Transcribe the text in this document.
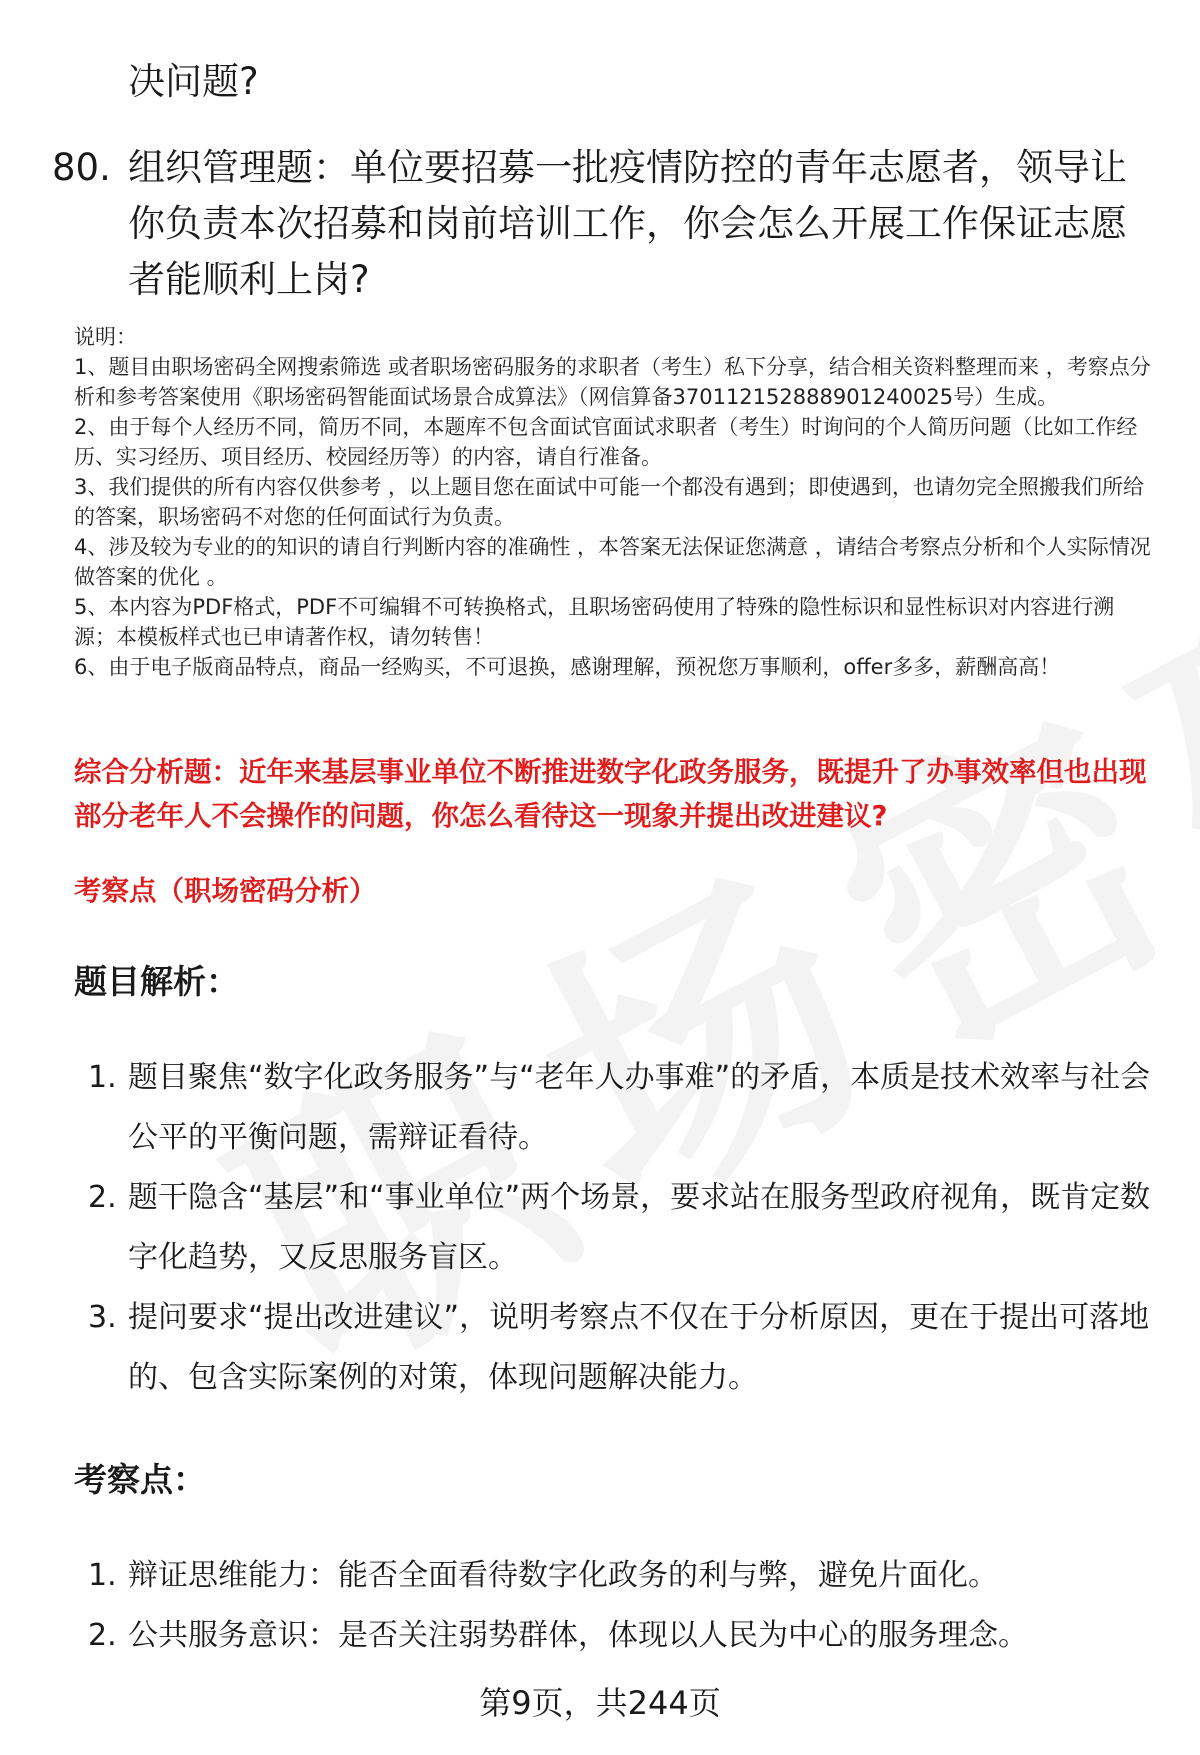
决问题?
80. 组织管理题：单位要招募一批疫情防控的青年志愿者，领导让你负责本次招募和岗前培训工作，你会怎么开展工作保证志愿者能顺利上岗?

说明：

1、题目由职场密码全网搜索筛选 或者职场密码服务的求职者（考生）私下分享，结合相关资料整理而来 ，考察点分析和参考答案使用《职场密码智能面试场景合成算法》（网信算备370112152888901240025号）生成。

2、由于每个人经历不同，简历不同，本题库不包含面试官面试求职者（考生）时询问的个人简历问题（比如工作经历、实习经历、项目经历、校园经历等）的内容，请自行准备。

3、我们提供的所有内容仅供参考 ，以上题目您在面试中可能一个都没有遇到；即使遇到，也请勿完全照搬我们所给的答案，职场密码不对您的任何面试行为负责。

4、涉及较为专业的的知识的请自行判断内容的准确性 ，本答案无法保证您满意 ，请结合考察点分析和个人实际情况做答案的优化 。

5、本内容为PDF格式，PDF不可编辑不可转换格式，且职场密码使用了特殊的隐性标识和显性标识对内容进行溯源；本模板样式也已申请著作权，请勿转售！

6、由于电子版商品特点，商品一经购买，不可退换，感谢理解，预祝您万事顺利，offer多多，薪酬高高！

综合分析题：近年来基层事业单位不断推进数字化政务服务，既提升了办事效率但也出现部分老年人不会操作的问题，你怎么看待这一现象并提出改进建议?
考察点（职场密码分析）
题目解析：
1. 题目聚焦“数字化政务服务”与“老年人办事难”的矛盾，本质是技术效率与社会公平的平衡问题，需辩证看待。
2. 题干隐含“基层”和“事业单位”两个场景，要求站在服务型政府视角，既肯定数字化趋势，又反思服务盲区。
3. 提问要求“提出改进建议”，说明考察点不仅在于分析原因，更在于提出可落地的、包含实际案例的对策，体现问题解决能力。
考察点：
1. 辩证思维能力：能否全面看待数字化政务的利与弊，避免片面化。
2. 公共服务意识：是否关注弱势群体，体现以人民为中心的服务理念。
第9页，共244页
